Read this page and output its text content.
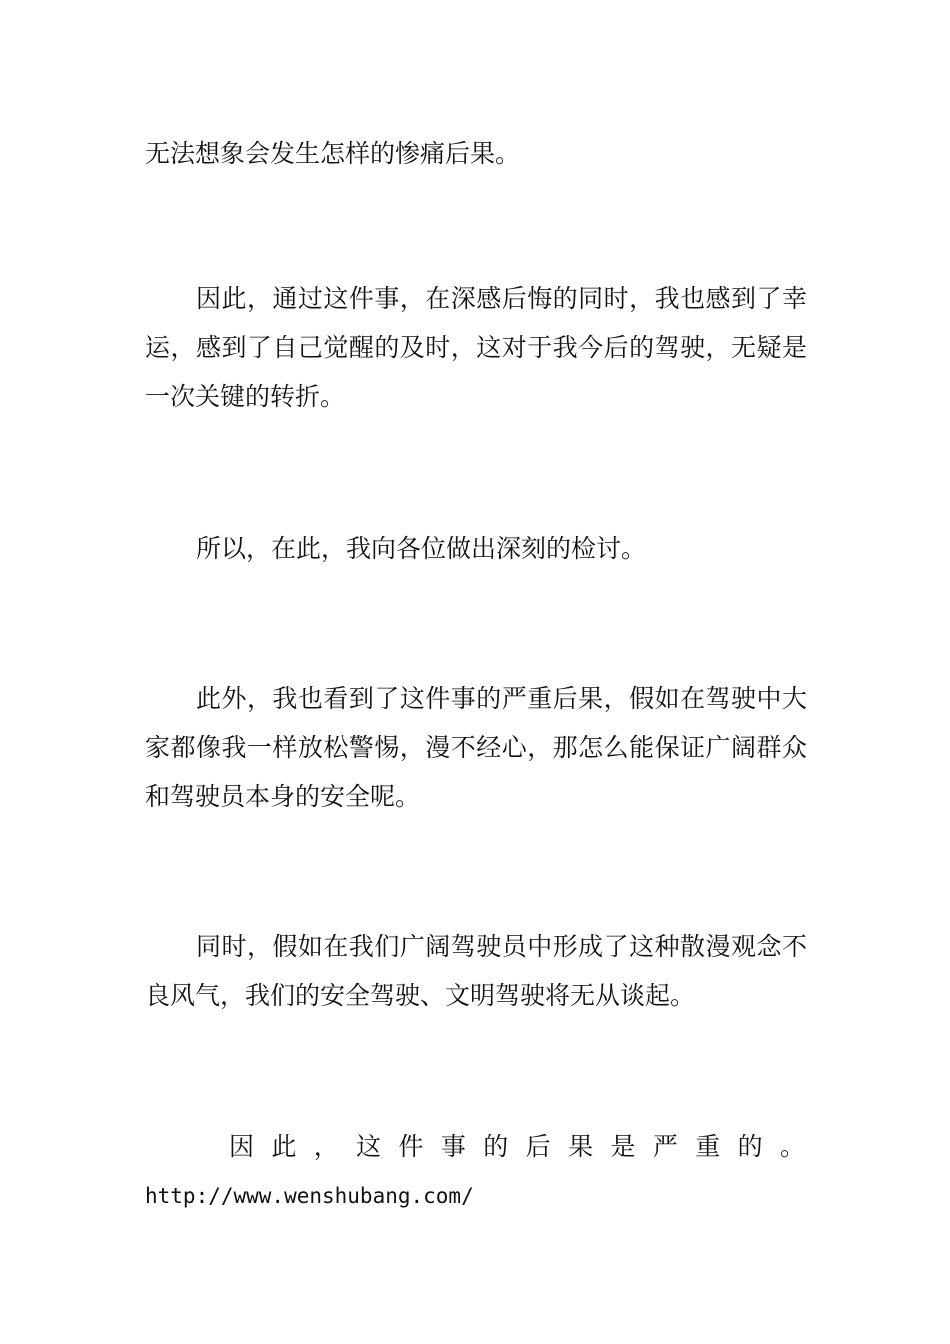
无法想象会发生怎样的惨痛后果。

因此，通过这件事，在深感后悔的同时，我也感到了幸运，感到了自己觉醒的及时，这对于我今后的驾驶，无疑是一次关键的转折。

所以，在此，我向各位做出深刻的检讨。

此外，我也看到了这件事的严重后果，假如在驾驶中大家都像我一样放松警惕，漫不经心，那怎么能保证广阔群众和驾驶员本身的安全呢。

同时，假如在我们广阔驾驶员中形成了这种散漫观念不良风气，我们的安全驾驶、文明驾驶将无从谈起。

因此，这件事的后果是严重的。

http://www.wenshubang.com/
